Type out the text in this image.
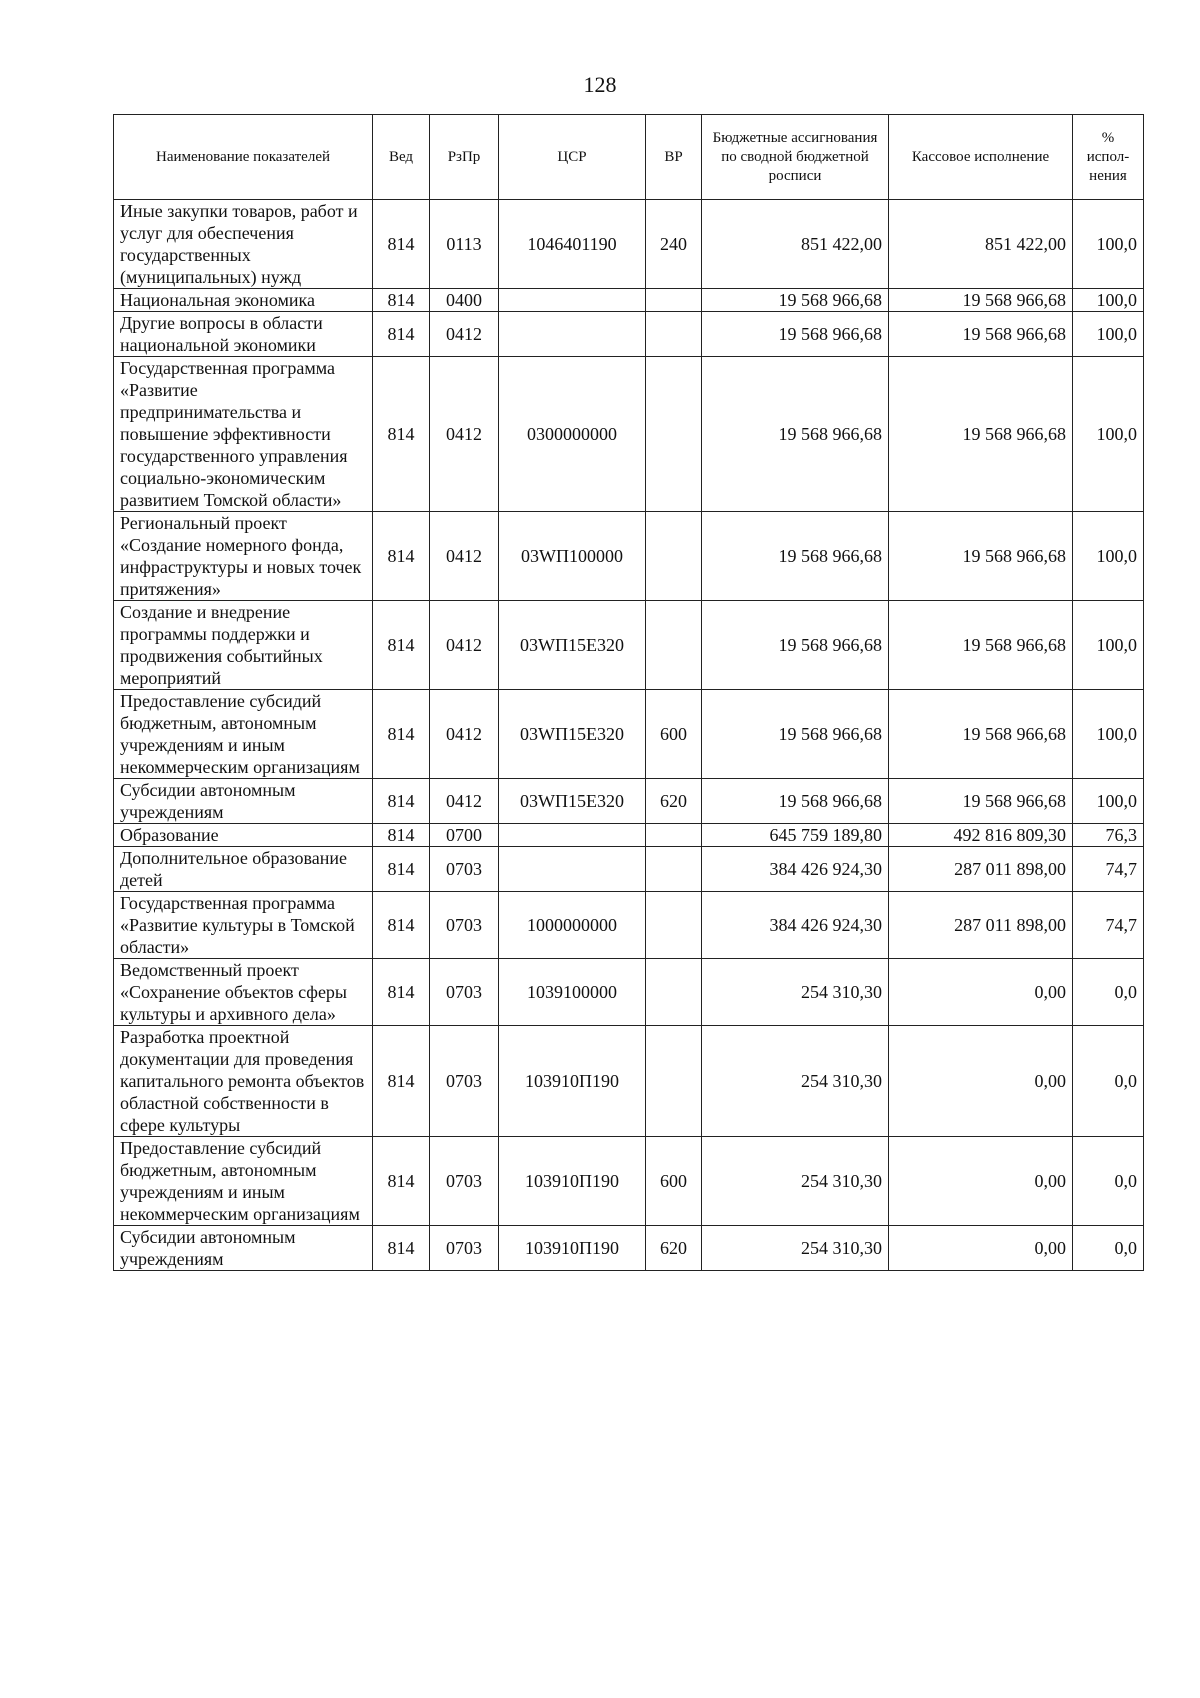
128
Наименование показателей	Вед	РзПр	ЦСР	ВР	Бюджетные ассигнования по сводной бюджетной росписи	Кассовое исполнение	% испол-нения
Иные закупки товаров, работ и услуг для обеспечения государственных (муниципальных) нужд	814	0113	1046401190	240	851 422,00	851 422,00	100,0
Национальная экономика	814	0400			19 568 966,68	19 568 966,68	100,0
Другие вопросы в области национальной экономики	814	0412			19 568 966,68	19 568 966,68	100,0
Государственная программа «Развитие предпринимательства и повышение эффективности государственного управления социально-экономическим развитием Томской области»	814	0412	0300000000		19 568 966,68	19 568 966,68	100,0
Региональный проект «Создание номерного фонда, инфраструктуры и новых точек притяжения»	814	0412	03WП100000		19 568 966,68	19 568 966,68	100,0
Создание и внедрение программы поддержки и продвижения событийных мероприятий	814	0412	03WП15Е320		19 568 966,68	19 568 966,68	100,0
Предоставление субсидий бюджетным, автономным учреждениям и иным некоммерческим организациям	814	0412	03WП15Е320	600	19 568 966,68	19 568 966,68	100,0
Субсидии автономным учреждениям	814	0412	03WП15Е320	620	19 568 966,68	19 568 966,68	100,0
Образование	814	0700			645 759 189,80	492 816 809,30	76,3
Дополнительное образование детей	814	0703			384 426 924,30	287 011 898,00	74,7
Государственная программа «Развитие культуры в Томской области»	814	0703	1000000000		384 426 924,30	287 011 898,00	74,7
Ведомственный проект «Сохранение объектов сферы культуры и архивного дела»	814	0703	1039100000		254 310,30	0,00	0,0
Разработка проектной документации для проведения капитального ремонта объектов областной собственности в сфере культуры	814	0703	103910П190		254 310,30	0,00	0,0
Предоставление субсидий бюджетным, автономным учреждениям и иным некоммерческим организациям	814	0703	103910П190	600	254 310,30	0,00	0,0
Субсидии автономным учреждениям	814	0703	103910П190	620	254 310,30	0,00	0,0
